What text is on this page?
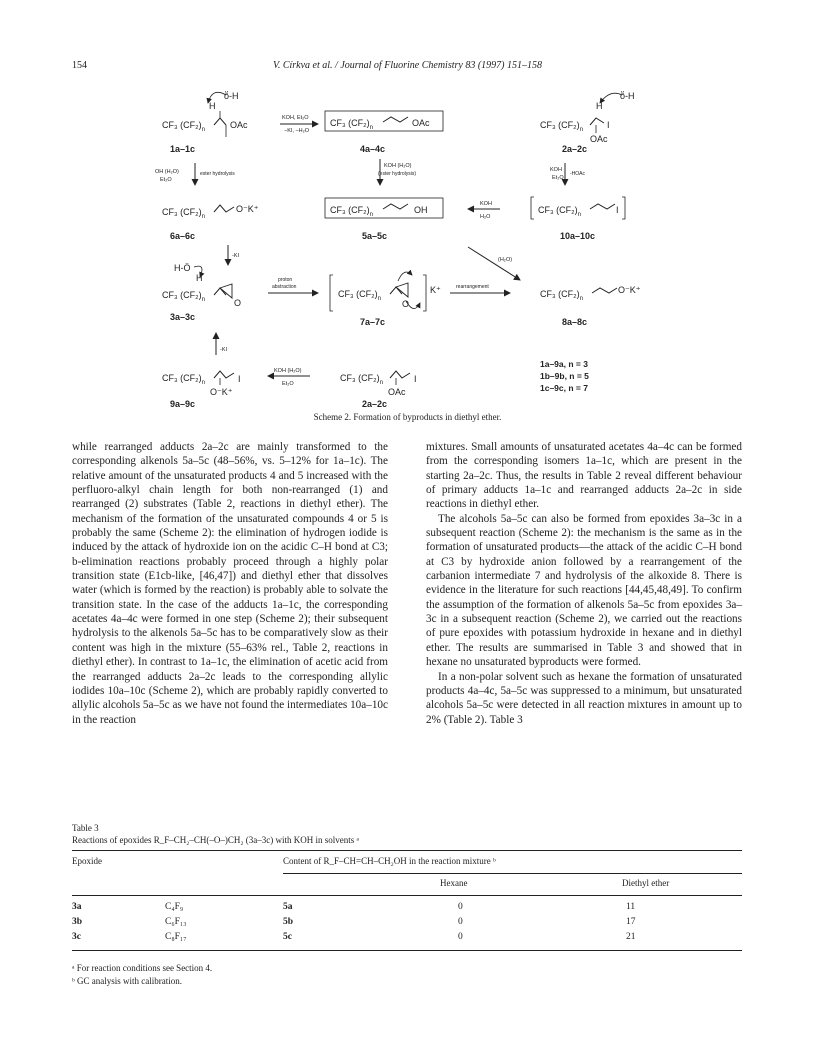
154	V. Církva et al. / Journal of Fluorine Chemistry 83 (1997) 151–158
CF₃ $(CF_2)_n$	OAc
H
ṏ-H
1a–1c
KOH, Et₂O
−KI, −H₂O
CF₃ $(CF_2)_n$	OAc
4a–4c
CF₃ $(CF_2)_n$	I
H
ṏ-H
OAc
2a–2c
OH (H₂O)
Et₂O
ester hydrolysis
KOH (H₂O)
(ester hydrolysis)
KOH
Et₂O
-HOAc
CF₃ $(CF_2)_n$
O⁻K⁺
6a–6c
CF₃ $(CF_2)_n$	OH
5a–5c
KOH
H₂O
CF₃ $(CF_2)_n$	I
10a–10c
-KI
(H₂O)
H-Ö
H
CF₃ $(CF_2)_n$	O
3a–3c
proton
abstraction
CF₃ $(CF_2)_n$ O
K⁺
7a–7c
rearrangement
CF₃ $(CF_2)_n$
O⁻K⁺
8a–8c
-KI
CF₃ $(CF_2)_n$	I
O⁻K⁺
9a–9c
KOH (H₂O)
Et₂O
CF₃ $(CF_2)_n$	I
OAc
2a–2c
1a–9a, n = 3
1b–9b, n = 5
1c–9c, n = 7
Scheme 2. Formation of byproducts in diethyl ether.

while rearranged adducts 2a–2c are mainly transformed to the corresponding alkenols 5a–5c (48–56%, vs. 5–12% for 1a–1c). The relative amount of the unsaturated products 4 and 5 increased with the perfluoro-alkyl chain length for both non-rearranged (1) and rearranged (2) substrates (Table 2, reactions in diethyl ether). The mechanism of the formation of the unsaturated compounds 4 or 5 is probably the same (Scheme 2): the elimination of hydrogen iodide is induced by the attack of hydroxide ion on the acidic C–H bond at C3; b-elimination reactions probably proceed through a highly polar transition state (E1cb-like, [46,47]) and diethyl ether that dissolves water (which is formed by the reaction) is probably able to solvate the transition state. In the case of the adducts 1a–1c, the corresponding acetates 4a–4c were formed in one step (Scheme 2); their subsequent hydrolysis to the alkenols 5a–5c has to be comparatively slow as their content was high in the mixture (55–63% rel., Table 2, reactions in diethyl ether). In contrast to 1a–1c, the elimination of acetic acid from the rearranged adducts 2a–2c leads to the corresponding allylic iodides 10a–10c (Scheme 2), which are probably rapidly converted to allylic alcohols 5a–5c as we have not found the intermediates 10a–10c in the reaction

mixtures. Small amounts of unsaturated acetates 4a–4c can be formed from the corresponding isomers 1a–1c, which are present in the starting 2a–2c. Thus, the results in Table 2 reveal different behaviour of primary adducts 1a–1c and rearranged adducts 2a–2c in side reactions in diethyl ether.

The alcohols 5a–5c can also be formed from epoxides 3a–3c in a subsequent reaction (Scheme 2): the mechanism is the same as in the formation of unsaturated products—the attack of the acidic C–H bond at C3 by hydroxide anion followed by a rearrangement of the carbanion intermediate 7 and hydrolysis of the alkoxide 8. There is evidence in the literature for such reactions [44,45,48,49]. To confirm the assumption of the formation of alkenols 5a–5c from epoxides 3a–3c in a subsequent reaction (Scheme 2), we carried out the reactions of pure epoxides with potassium hydroxide in hexane and in diethyl ether. The results are summarised in Table 3 and showed that in hexane no unsaturated byproducts were formed.

In a non-polar solvent such as hexane the formation of unsaturated products 4a–4c, 5a–5c was suppressed to a minimum, but unsaturated alcohols 5a–5c were detected in all reaction mixtures in amount up to 2% (Table 2). Table 3

Table 3
Reactions of epoxides R_F–CH₂–CH(–O–)CH₂ (3a–3c) with KOH in solvents ᵃ
Epoxide	Content of R_F–CH=CH–CH₂OH in the reaction mixture ᵇ
Hexane	Diethyl ether
3a	C₄F₉	5a	0	11
3b	C₆F₁₃	5b	0	17
3c	C₈F₁₇	5c	0	21
ᵃ For reaction conditions see Section 4.
ᵇ GC analysis with calibration.
